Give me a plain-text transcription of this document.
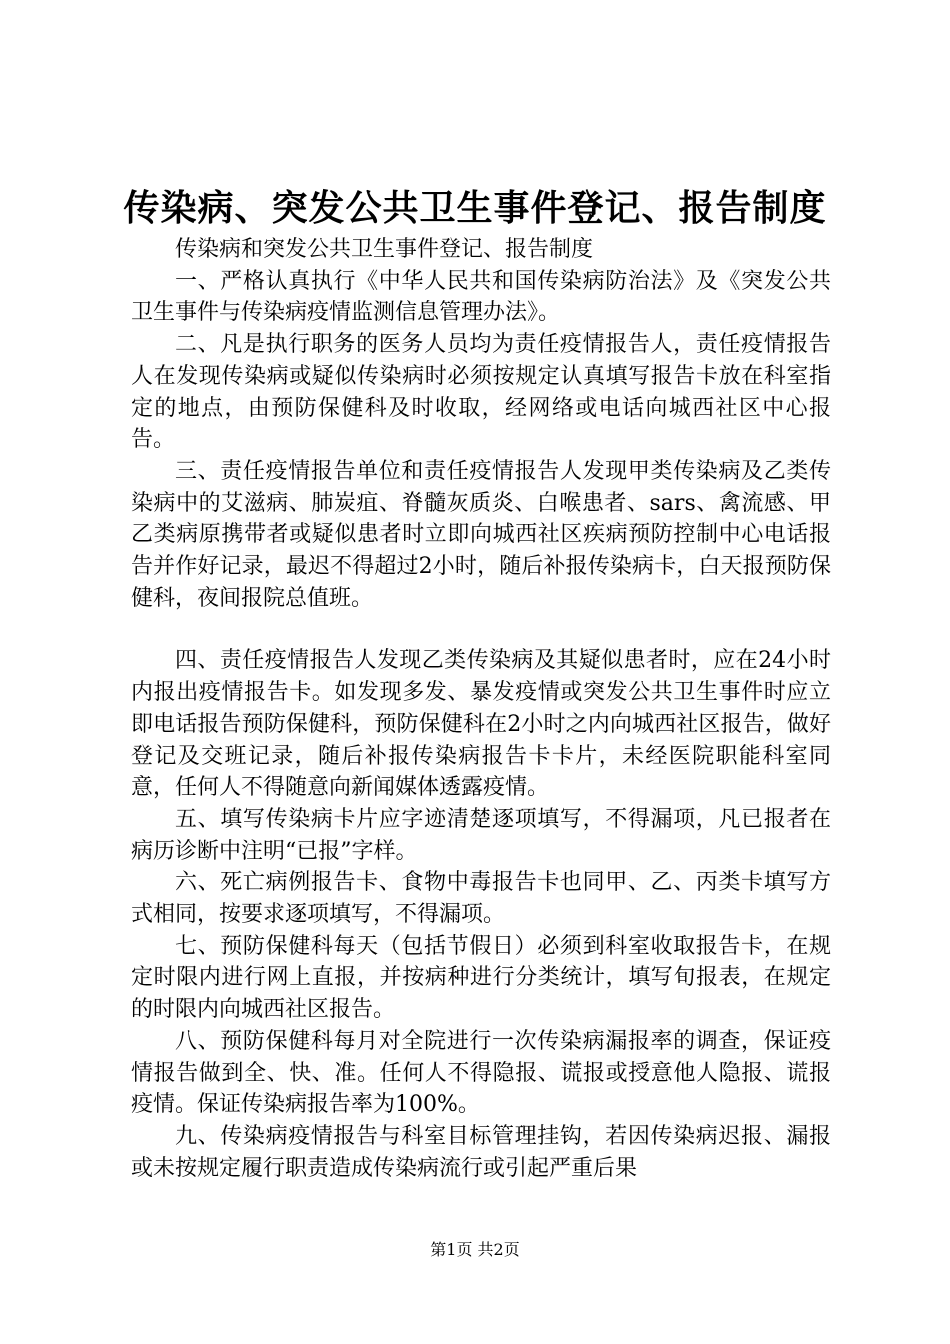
传染病、突发公共卫生事件登记、报告制度

传染病和突发公共卫生事件登记、报告制度

一、严格认真执行《中华人民共和国传染病防治法》及《突发公共卫生事件与传染病疫情监测信息管理办法》。

二、凡是执行职务的医务人员均为责任疫情报告人，责任疫情报告人在发现传染病或疑似传染病时必须按规定认真填写报告卡放在科室指定的地点，由预防保健科及时收取，经网络或电话向城西社区中心报告。

三、责任疫情报告单位和责任疫情报告人发现甲类传染病及乙类传染病中的艾滋病、肺炭疽、脊髓灰质炎、白喉患者、sars、禽流感、甲乙类病原携带者或疑似患者时立即向城西社区疾病预防控制中心电话报告并作好记录，最迟不得超过2小时，随后补报传染病卡，白天报预防保健科，夜间报院总值班。

四、责任疫情报告人发现乙类传染病及其疑似患者时，应在24小时内报出疫情报告卡。如发现多发、暴发疫情或突发公共卫生事件时应立即电话报告预防保健科，预防保健科在2小时之内向城西社区报告，做好登记及交班记录，随后补报传染病报告卡卡片，未经医院职能科室同意，任何人不得随意向新闻媒体透露疫情。

五、填写传染病卡片应字迹清楚逐项填写，不得漏项，凡已报者在病历诊断中注明“已报”字样。

六、死亡病例报告卡、食物中毒报告卡也同甲、乙、丙类卡填写方式相同，按要求逐项填写，不得漏项。

七、预防保健科每天（包括节假日）必须到科室收取报告卡，在规定时限内进行网上直报，并按病种进行分类统计，填写旬报表，在规定的时限内向城西社区报告。

八、预防保健科每月对全院进行一次传染病漏报率的调查，保证疫情报告做到全、快、准。任何人不得隐报、谎报或授意他人隐报、谎报疫情。保证传染病报告率为100%。

九、传染病疫情报告与科室目标管理挂钩，若因传染病迟报、漏报或未按规定履行职责造成传染病流行或引起严重后果

第1页 共2页
